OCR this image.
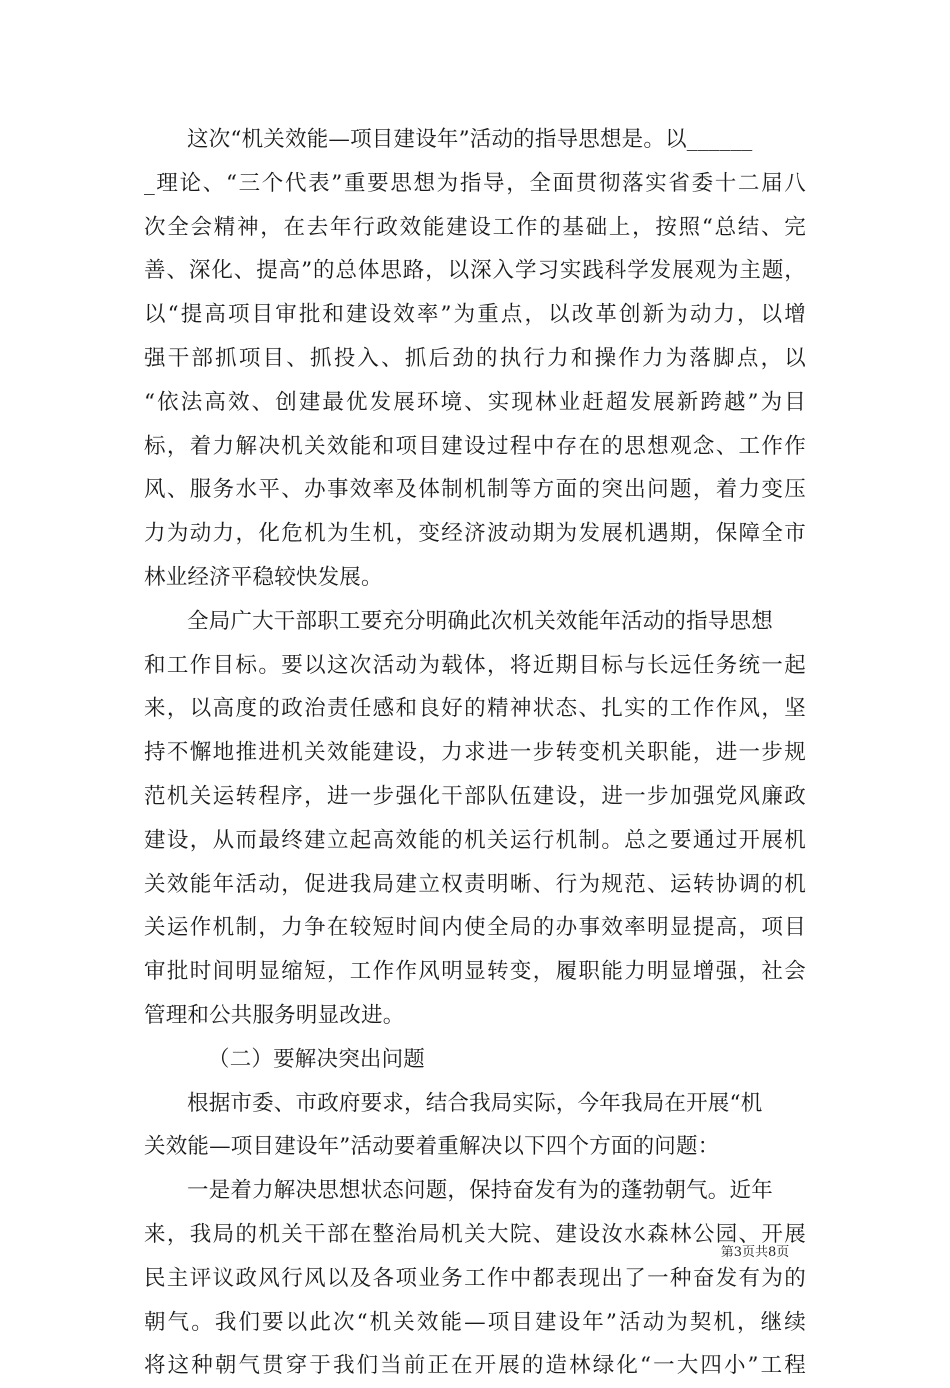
这次“机关效能—项目建设年”活动的指导思想是。以______
_理论、“三个代表”重要思想为指导，全面贯彻落实省委十二届八
次全会精神，在去年行政效能建设工作的基础上，按照“总结、完
善、深化、提高”的总体思路，以深入学习实践科学发展观为主题，
以“提高项目审批和建设效率”为重点，以改革创新为动力，以增
强干部抓项目、抓投入、抓后劲的执行力和操作力为落脚点，以
“依法高效、创建最优发展环境、实现林业赶超发展新跨越”为目
标，着力解决机关效能和项目建设过程中存在的思想观念、工作作
风、服务水平、办事效率及体制机制等方面的突出问题，着力变压
力为动力，化危机为生机，变经济波动期为发展机遇期，保障全市
林业经济平稳较快发展。
全局广大干部职工要充分明确此次机关效能年活动的指导思想
和工作目标。要以这次活动为载体，将近期目标与长远任务统一起
来，以高度的政治责任感和良好的精神状态、扎实的工作作风，坚
持不懈地推进机关效能建设，力求进一步转变机关职能，进一步规
范机关运转程序，进一步强化干部队伍建设，进一步加强党风廉政
建设，从而最终建立起高效能的机关运行机制。总之要通过开展机
关效能年活动，促进我局建立权责明晰、行为规范、运转协调的机
关运作机制，力争在较短时间内使全局的办事效率明显提高，项目
审批时间明显缩短，工作作风明显转变，履职能力明显增强，社会
管理和公共服务明显改进。
（二）要解决突出问题
根据市委、市政府要求，结合我局实际，今年我局在开展“机
关效能—项目建设年”活动要着重解决以下四个方面的问题：
一是着力解决思想状态问题，保持奋发有为的蓬勃朝气。近年
来，我局的机关干部在整治局机关大院、建设汝水森林公园、开展
民主评议政风行风以及各项业务工作中都表现出了一种奋发有为的
朝气。我们要以此次“机关效能—项目建设年”活动为契机，继续
将这种朝气贯穿于我们当前正在开展的造林绿化“一大四小”工程
第3页共8页
